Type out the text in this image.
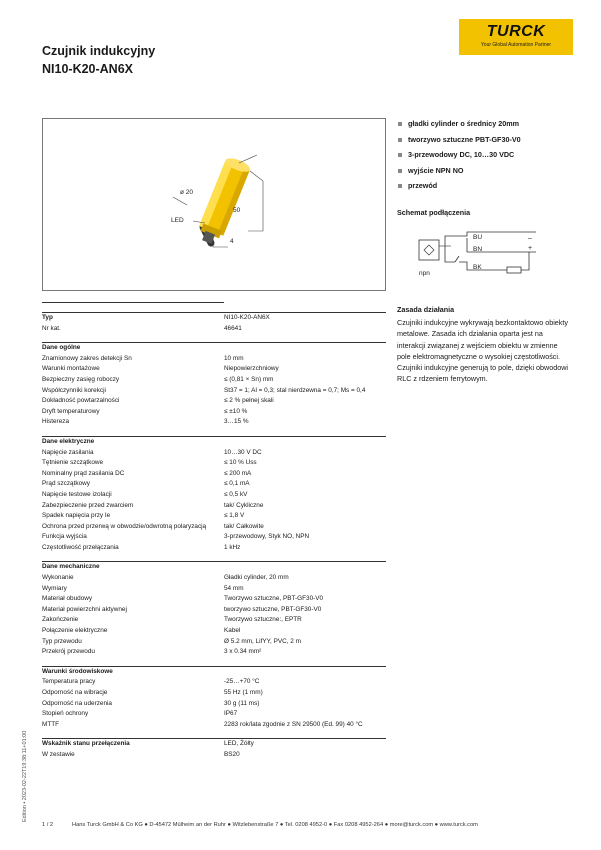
TURCK
Your Global Automation Partner
Czujnik indukcyjny
NI10-K20-AN6X
ø 20
50
LED
4
gładki cylinder o średnicy 20mm
tworzywo sztuczne PBT-GF30-V0
3-przewodowy DC, 10…30 VDC
wyjście NPN NO
przewód
Schemat podłączenia
BU
BN
BK
–
+
npn
Zasada działania
Czujniki indukcyjne wykrywają bezkontaktowo obiekty metalowe. Zasada ich działania oparta jest na interakcji związanej z wejściem obiektu w zmienne pole elektromagnetyczne o wysokiej częstotliwości. Czujniki indukcyjne generują to pole, dzięki obwodowi RLC z rdzeniem ferrytowym.
Typ	NI10-K20-AN6X
Nr kat.	46641
Dane ogólne
Znamionowy zakres detekcji Sn	10 mm
Warunki montażowe	Niepowierzchniowy
Bezpieczny zasięg roboczy	≤ (0,81 × Sn) mm
Współczynniki korekcji	St37 = 1; Al = 0,3; stal nierdzewna = 0,7; Ms = 0,4
Dokładność powtarzalności	≤ 2 % pełnej skali
Dryft temperaturowy	≤ ±10 %
Histereza	3…15 %
Dane elektryczne
Napięcie zasilania	10…30 V DC
Tętnienie szczątkowe	≤ 10 % Uss
Nominalny prąd zasilania DC	≤ 200 mA
Prąd szczątkowy	≤ 0,1 mA
Napięcie testowe izolacji	≤ 0,5 kV
Zabezpieczenie przed zwarciem	tak/ Cykliczne
Spadek napięcia przy Ie	≤ 1,8 V
Ochrona przed przerwą w obwodzie/odwrotną polaryzacją	tak/ Całkowite
Funkcja wyjścia	3-przewodowy, Styk NO, NPN
Częstotliwość przełączania	1 kHz
Dane mechaniczne
Wykonanie	Gładki cylinder, 20 mm
Wymiary	54 mm
Materiał obudowy	Tworzywo sztuczne, PBT-GF30-V0
Materiał powierzchni aktywnej	tworzywo sztuczne, PBT-GF30-V0
Zakończenie	Tworzywo sztuczne:, EPTR
Połączenie elektryczne	Kabel
Typ przewodu	Ø 5.2 mm, LifYY, PVC, 2 m
Przekrój przewodu	3 x 0.34 mm²
Warunki środowiskowe
Temperatura pracy	-25…+70 °C
Odporność na wibracje	55 Hz (1 mm)
Odporność na uderzenia	30 g (11 ms)
Stopień ochrony	IP67
MTTF	2283 rok/lata zgodnie z SN 29500 (Ed. 99) 40 °C
Wskaźnik stanu przełączenia	LED, Żółty
W zestawie	BS20
Edition • 2023-02-22T19:38:11+01:00
1 / 2	Hans Turck GmbH & Co KG ● D-45472 Mülheim an der Ruhr ● Witzlebenstraße 7 ● Tel. 0208 4952-0 ● Fax 0208 4952-264 ● more@turck.com ● www.turck.com
